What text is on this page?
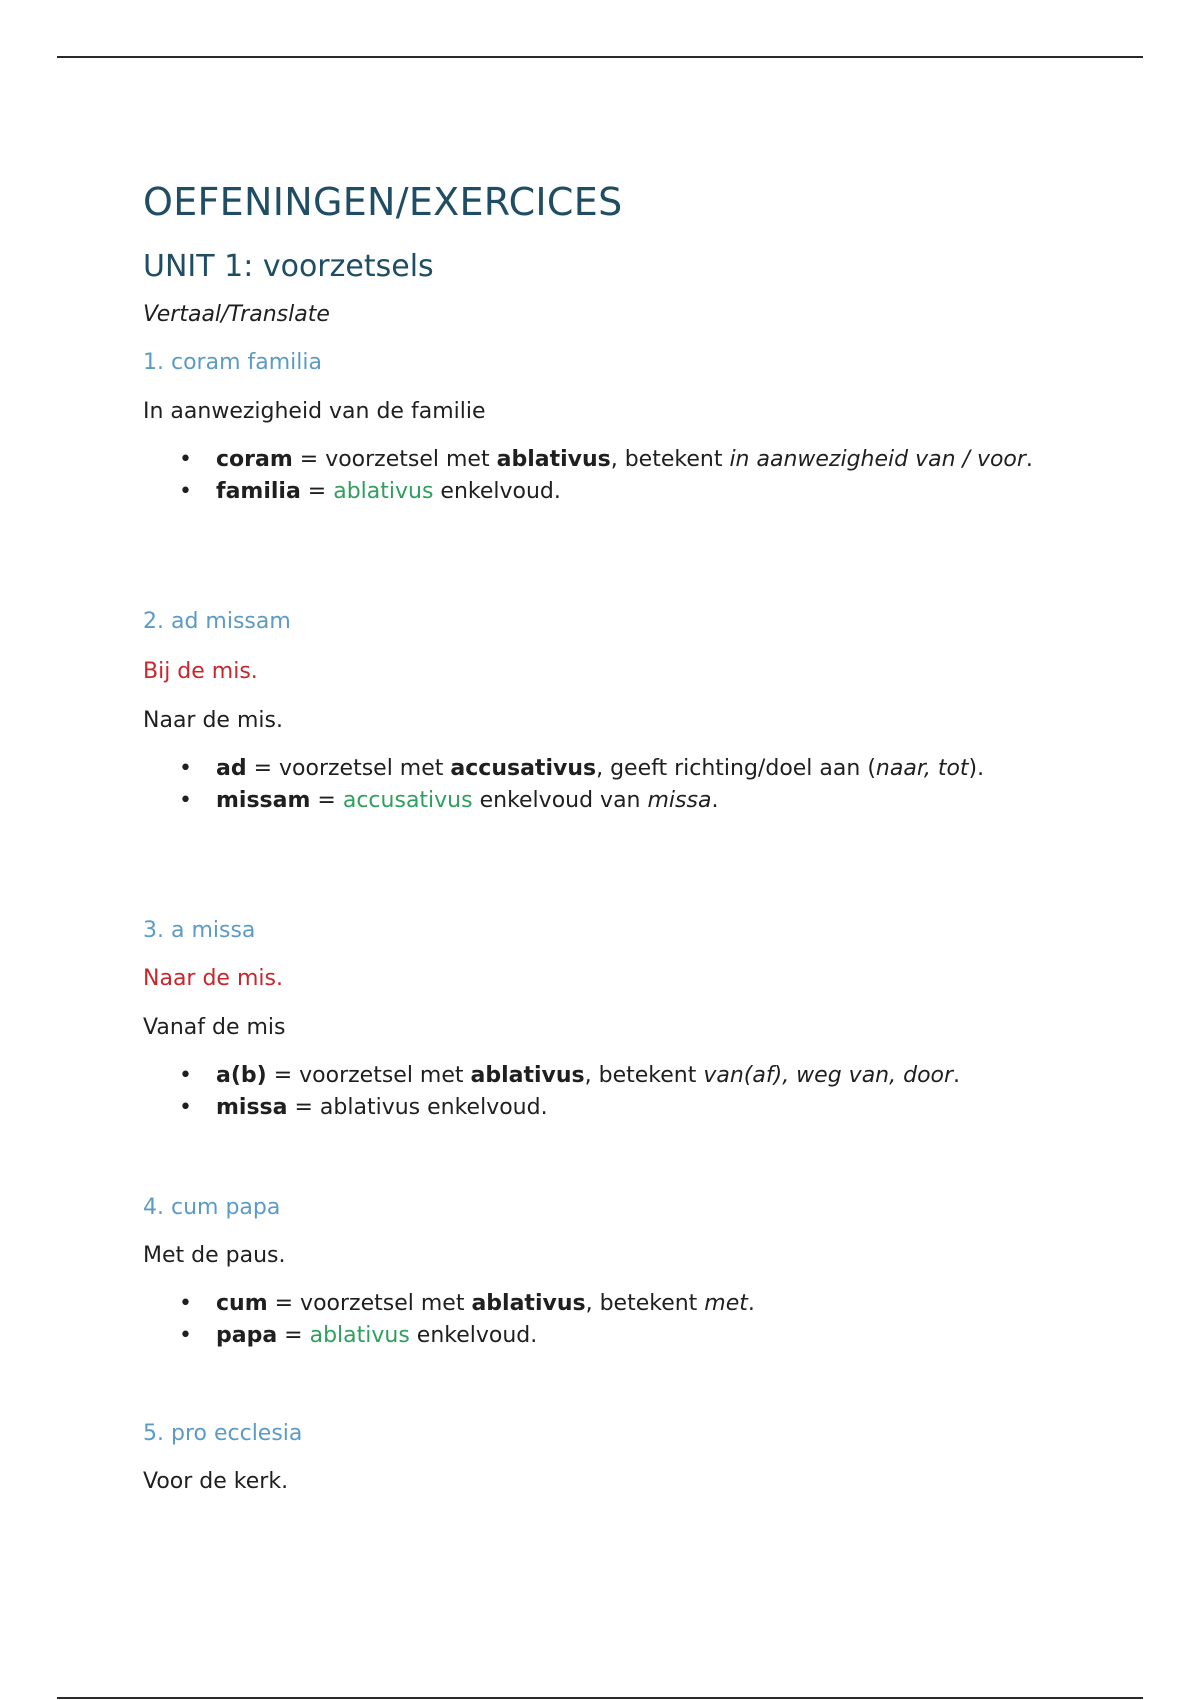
OEFENINGEN/EXERCICES
UNIT 1: voorzetsels
Vertaal/Translate
1. coram familia
In aanwezigheid van de familie
• coram = voorzetsel met ablativus, betekent in aanwezigheid van / voor.
• familia = ablativus enkelvoud.
2. ad missam
Bij de mis.
Naar de mis.
• ad = voorzetsel met accusativus, geeft richting/doel aan (naar, tot).
• missam = accusativus enkelvoud van missa.
3. a missa
Naar de mis.
Vanaf de mis
• a(b) = voorzetsel met ablativus, betekent van(af), weg van, door.
• missa = ablativus enkelvoud.
4. cum papa
Met de paus.
• cum = voorzetsel met ablativus, betekent met.
• papa = ablativus enkelvoud.
5. pro ecclesia
Voor de kerk.
